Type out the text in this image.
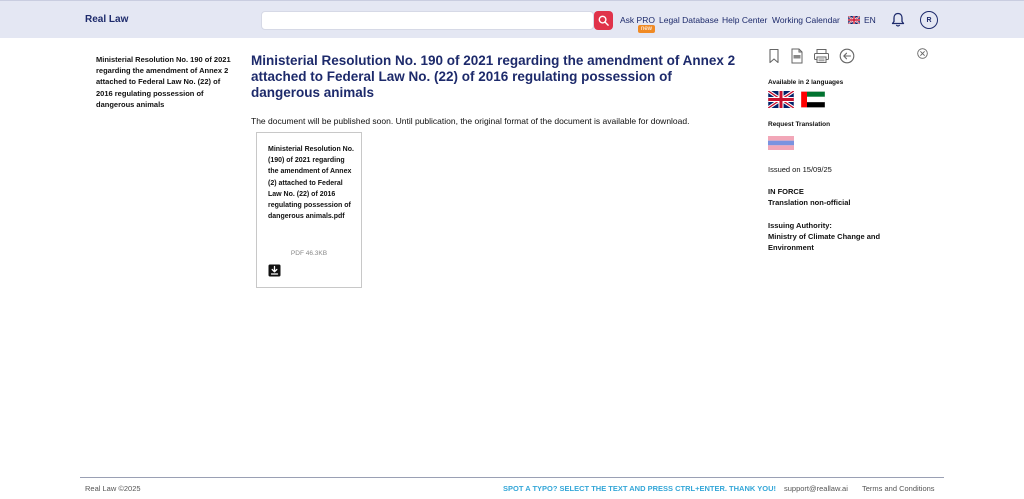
Real Law	Ask PRO
new
Legal Database Help Center Working Calendar	EN	R
Ministerial Resolution No. 190 of 2021 regarding the amendment of Annex 2 attached to Federal Law No. (22) of 2016 regulating possession of dangerous animals
Ministerial Resolution No. 190 of 2021 regarding the amendment of Annex 2 attached to Federal Law No. (22) of 2016 regulating possession of dangerous animals

The document will be published soon. Until publication, the original format of the document is available for download.

Ministerial Resolution No. (190) of 2021 regarding the amendment of Annex (2) attached to Federal Law No. (22) of 2016 regulating possession of dangerous animals.pdf
PDF 46.3KB
Available in 2 languages
Request Translation
Issued on 15/09/25
IN FORCE
Translation non-official
Issuing Authority:
Ministry of Climate Change and Environment
Real Law ©2025	SPOT A TYPO? SELECT THE TEXT AND PRESS CTRL+ENTER. THANK YOU! support@reallaw.ai Terms and Conditions
